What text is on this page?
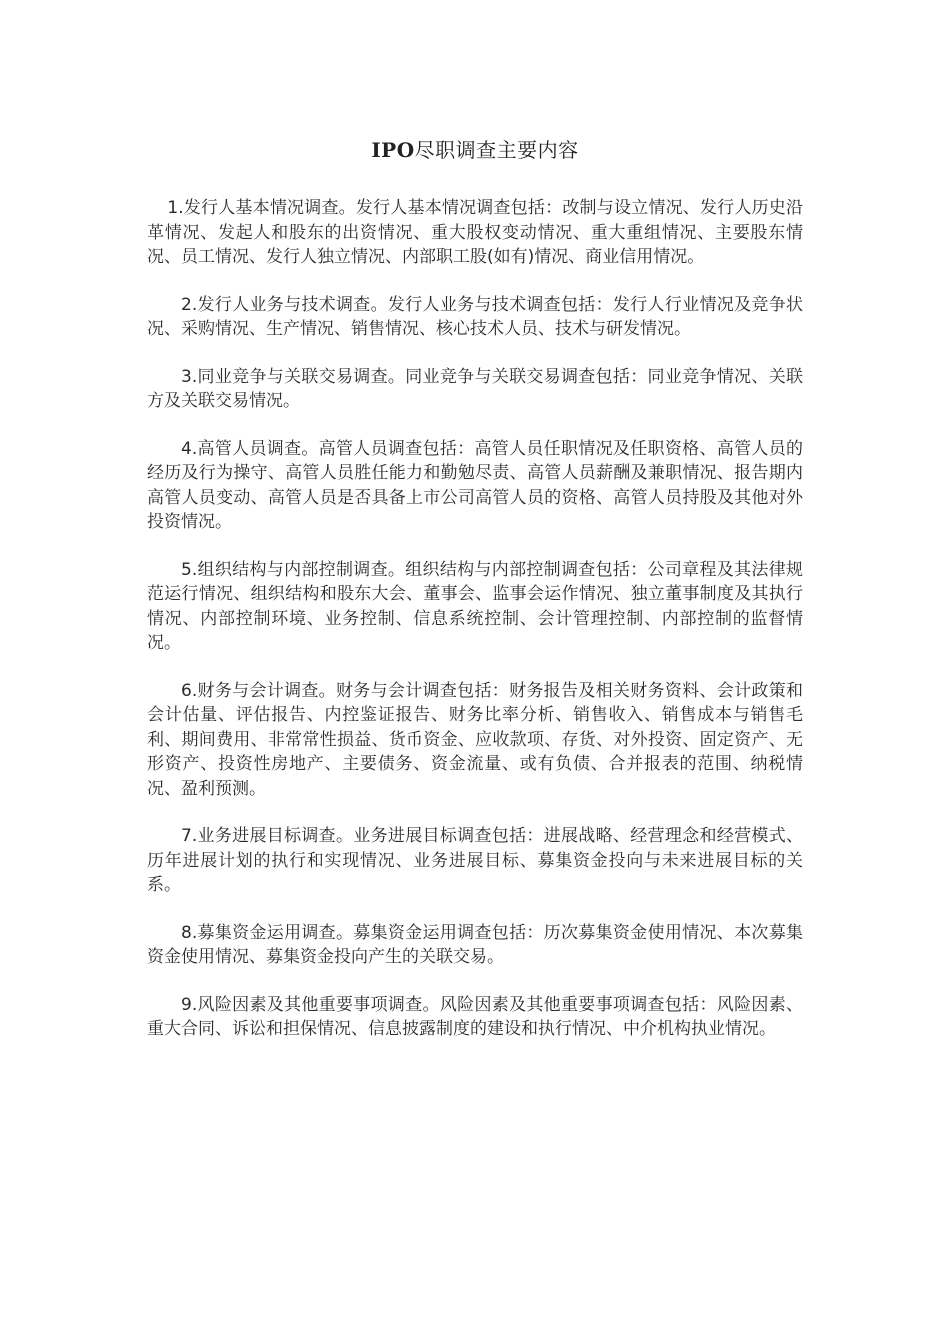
IPO尽职调查主要内容

1.发行人基本情况调查。发行人基本情况调查包括：改制与设立情况、发行人历史沿革情况、发起人和股东的出资情况、重大股权变动情况、重大重组情况、主要股东情况、员工情况、发行人独立情况、内部职工股(如有)情况、商业信用情况。

2.发行人业务与技术调查。发行人业务与技术调查包括：发行人行业情况及竞争状况、采购情况、生产情况、销售情况、核心技术人员、技术与研发情况。

3.同业竞争与关联交易调查。同业竞争与关联交易调查包括：同业竞争情况、关联方及关联交易情况。

4.高管人员调查。高管人员调查包括：高管人员任职情况及任职资格、高管人员的经历及行为操守、高管人员胜任能力和勤勉尽责、高管人员薪酬及兼职情况、报告期内高管人员变动、高管人员是否具备上市公司高管人员的资格、高管人员持股及其他对外投资情况。

5.组织结构与内部控制调查。组织结构与内部控制调查包括：公司章程及其法律规范运行情况、组织结构和股东大会、董事会、监事会运作情况、独立董事制度及其执行情况、内部控制环境、业务控制、信息系统控制、会计管理控制、内部控制的监督情况。

6.财务与会计调查。财务与会计调查包括：财务报告及相关财务资料、会计政策和会计估量、评估报告、内控鉴证报告、财务比率分析、销售收入、销售成本与销售毛利、期间费用、非常常性损益、货币资金、应收款项、存货、对外投资、固定资产、无形资产、投资性房地产、主要债务、资金流量、或有负债、合并报表的范围、纳税情况、盈利预测。

7.业务进展目标调查。业务进展目标调查包括：进展战略、经营理念和经营模式、历年进展计划的执行和实现情况、业务进展目标、募集资金投向与未来进展目标的关系。

8.募集资金运用调查。募集资金运用调查包括：历次募集资金使用情况、本次募集资金使用情况、募集资金投向产生的关联交易。

9.风险因素及其他重要事项调查。风险因素及其他重要事项调查包括：风险因素、重大合同、诉讼和担保情况、信息披露制度的建设和执行情况、中介机构执业情况。
